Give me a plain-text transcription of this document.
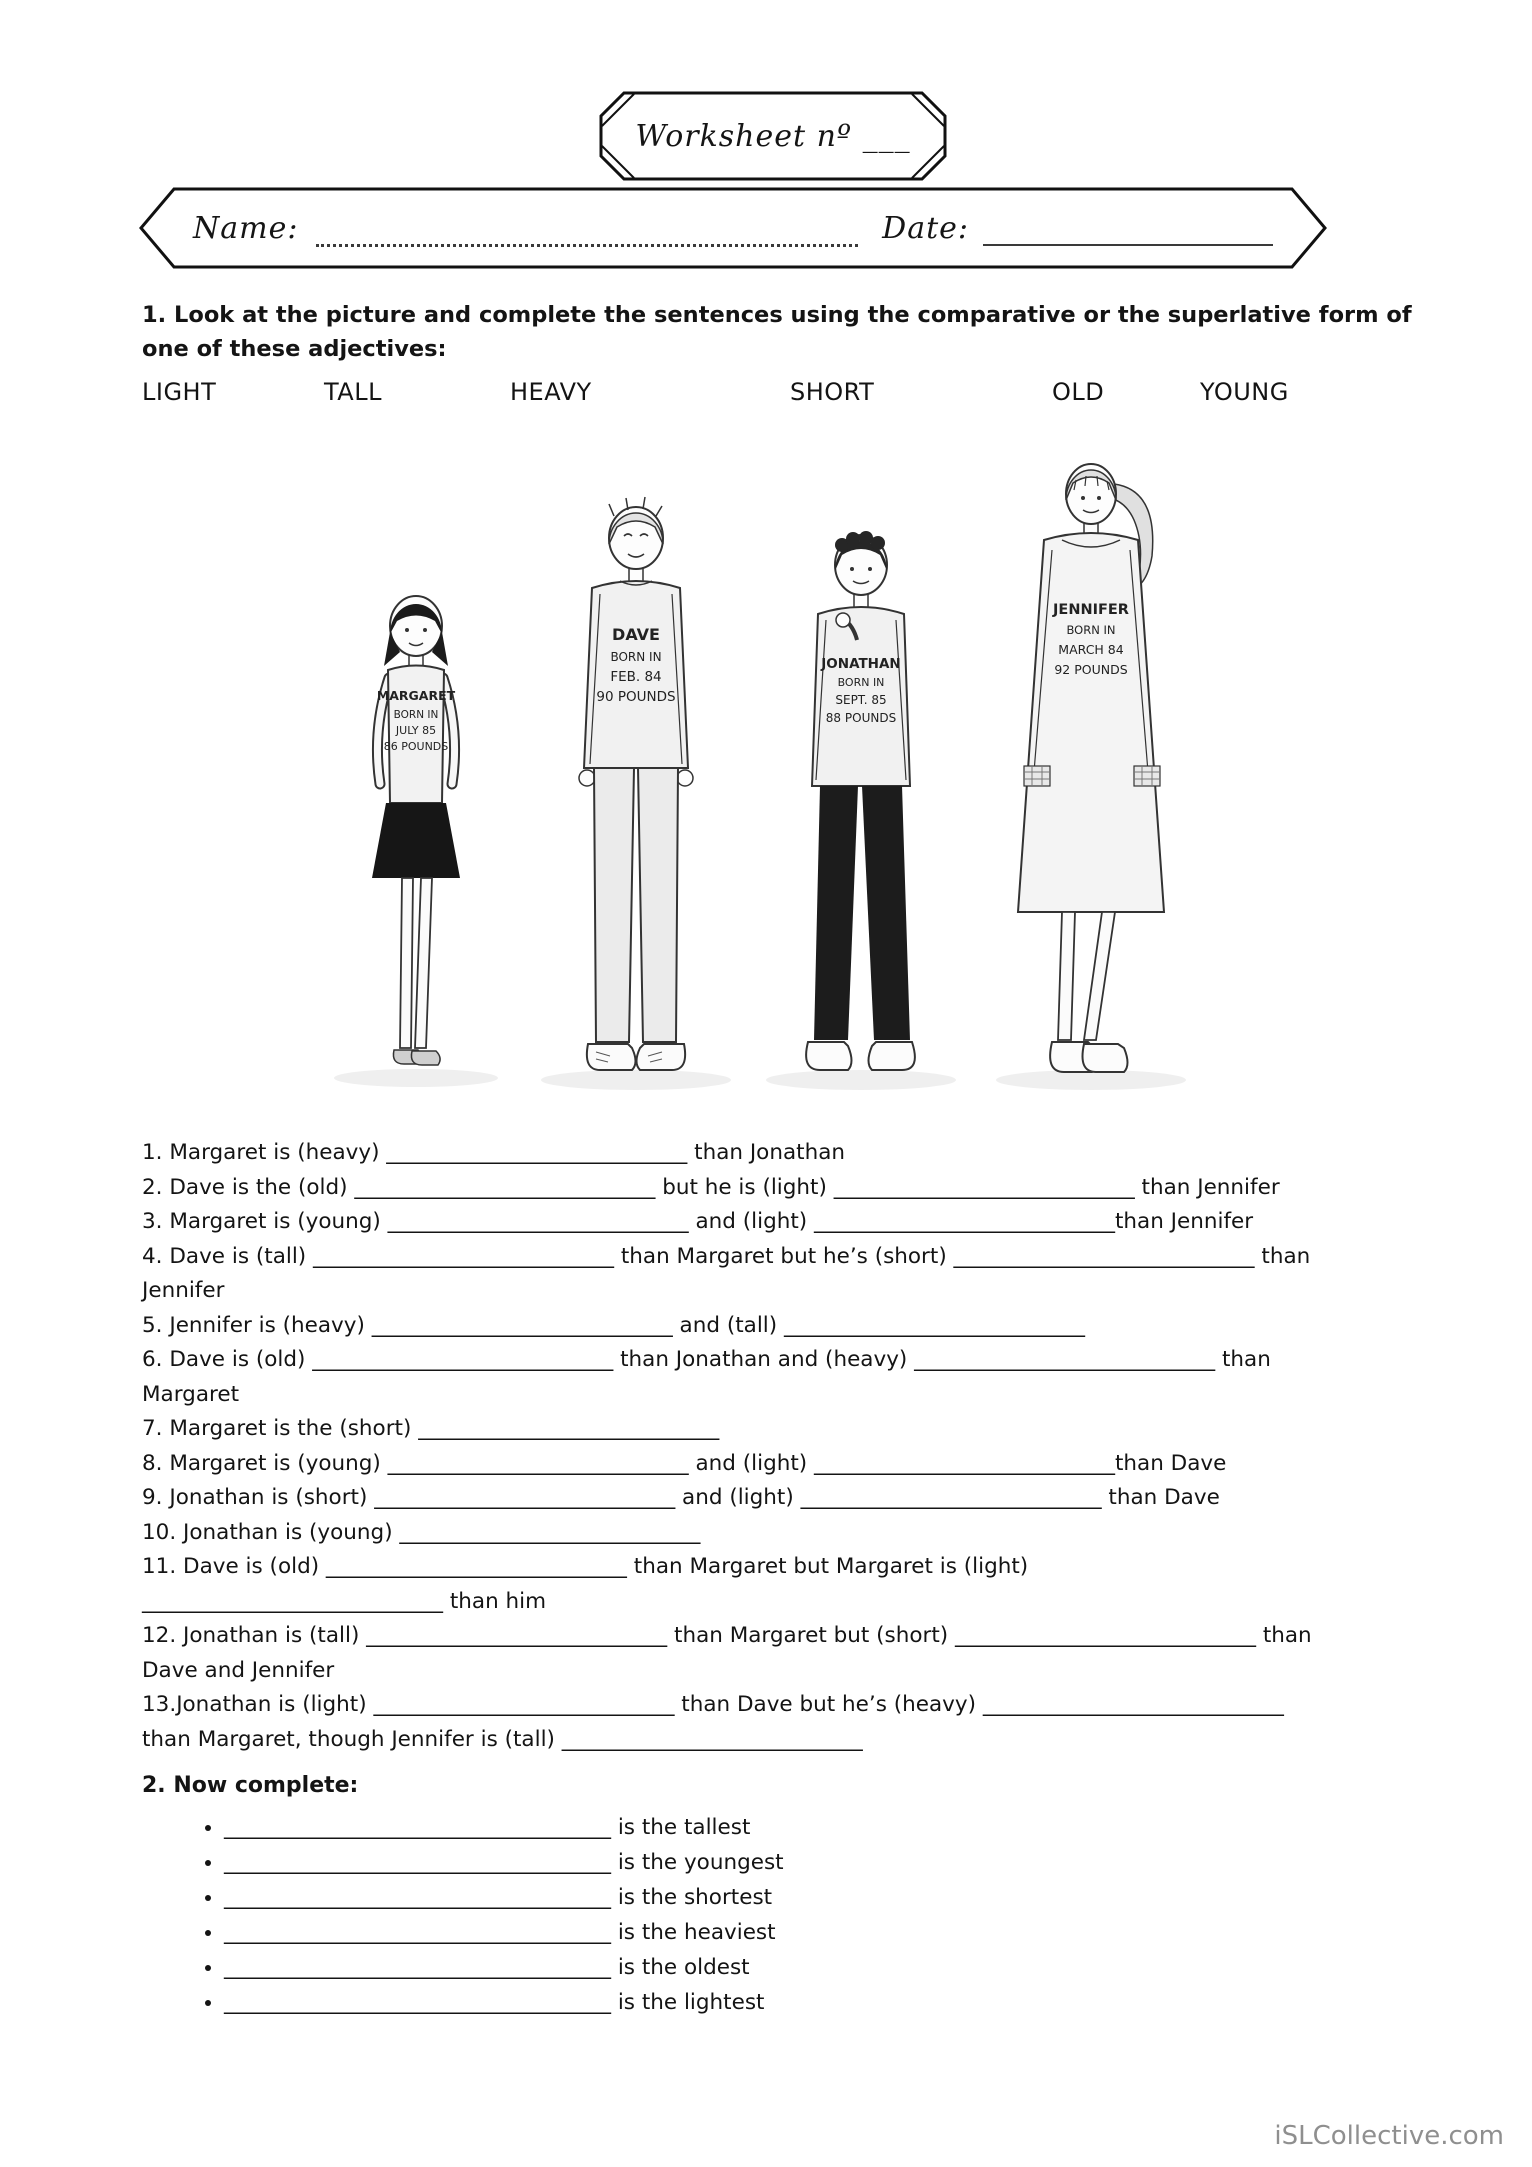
Worksheet nº ___
Name:	Date:
1. Look at the picture and complete the sentences using the comparative or the superlative form of one of these adjectives:
LIGHT	TALL	HEAVY	SHORT	OLD	YOUNG
MARGARET
BORN IN
JULY 85
86 POUNDS
DAVE
BORN IN
FEB. 84
90 POUNDS
JONATHAN
BORN IN
SEPT. 85
88 POUNDS
JENNIFER
BORN IN
MARCH 84
92 POUNDS

1. Margaret is (heavy) ____________________________ than Jonathan

2. Dave is the (old) ____________________________ but he is (light) ____________________________ than Jennifer

3. Margaret is (young) ____________________________ and (light) ____________________________than Jennifer

4. Dave is (tall) ____________________________ than Margaret but he’s (short) ____________________________ than Jennifer

5. Jennifer is (heavy) ____________________________ and (tall) ____________________________

6. Dave is (old) ____________________________ than Jonathan and (heavy) ____________________________ than Margaret

7. Margaret is the (short) ____________________________

8. Margaret is (young) ____________________________ and (light) ____________________________than Dave

9. Jonathan is (short) ____________________________ and (light) ____________________________ than Dave

10. Jonathan is (young) ____________________________

11. Dave is (old) ____________________________ than Margaret but Margaret is (light) ____________________________ than him

12. Jonathan is (tall) ____________________________ than Margaret but (short) ____________________________ than Dave and Jennifer

13.Jonathan is (light) ____________________________ than Dave but he’s (heavy) ____________________________ than Margaret, though Jennifer is (tall) ____________________________

2. Now complete:
• ____________________________________ is the tallest
• ____________________________________ is the youngest
• ____________________________________ is the shortest
• ____________________________________ is the heaviest
• ____________________________________ is the oldest
• ____________________________________ is the lightest
iSLCollective.com
